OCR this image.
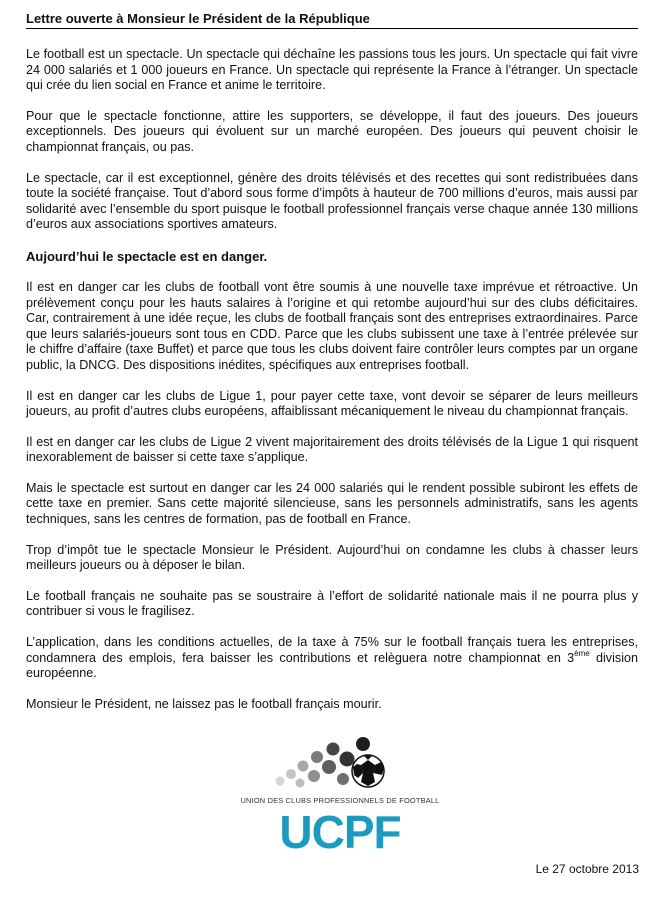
Lettre ouverte à Monsieur le Président de la République

Le football est un spectacle. Un spectacle qui déchaîne les passions tous les jours. Un spectacle qui fait vivre 24 000 salariés et 1 000 joueurs en France. Un spectacle qui représente la France à l’étranger. Un spectacle qui crée du lien social en France et anime le territoire.

Pour que le spectacle fonctionne, attire les supporters, se développe, il faut des joueurs. Des joueurs exceptionnels. Des joueurs qui évoluent sur un marché européen. Des joueurs qui peuvent choisir le championnat français, ou pas.

Le spectacle, car il est exceptionnel, génère des droits télévisés et des recettes qui sont redistribuées dans toute la société française. Tout d’abord sous forme d’impôts à hauteur de 700 millions d’euros, mais aussi par solidarité avec l’ensemble du sport puisque le football professionnel français verse chaque année 130 millions d’euros aux associations sportives amateurs.

Aujourd’hui le spectacle est en danger.

Il est en danger car les clubs de football vont être soumis à une nouvelle taxe imprévue et rétroactive. Un prélèvement conçu pour les hauts salaires à l’origine et qui retombe aujourd’hui sur des clubs déficitaires. Car, contrairement à une idée reçue, les clubs de football français sont des entreprises extraordinaires. Parce que leurs salariés-joueurs sont tous en CDD. Parce que les clubs subissent une taxe à l’entrée prélevée sur le chiffre d’affaire (taxe Buffet) et parce que tous les clubs doivent faire contrôler leurs comptes par un organe public, la DNCG. Des dispositions inédites, spécifiques aux entreprises football.

Il est en danger car les clubs de Ligue 1, pour payer cette taxe, vont devoir se séparer de leurs meilleurs joueurs, au profit d’autres clubs européens, affaiblissant mécaniquement le niveau du championnat français.

Il est en danger car les clubs de Ligue 2 vivent majoritairement des droits télévisés de la Ligue 1 qui risquent inexorablement de baisser si cette taxe s’applique.

Mais le spectacle est surtout en danger car les 24 000 salariés qui le rendent possible subiront les effets de cette taxe en premier. Sans cette majorité silencieuse, sans les personnels administratifs, sans les agents techniques, sans les centres de formation, pas de football en France.

Trop d’impôt tue le spectacle Monsieur le Président. Aujourd’hui on condamne les clubs à chasser leurs meilleurs joueurs ou à déposer le bilan.

Le football français ne souhaite pas se soustraire à l’effort de solidarité nationale mais il ne pourra plus y contribuer si vous le fragilisez.

L’application, dans les conditions actuelles, de la taxe à 75% sur le football français tuera les entreprises, condamnera des emplois, fera baisser les contributions et relèguera notre championnat en 3ème division européenne.

Monsieur le Président, ne laissez pas le football français mourir.

UNION DES CLUBS PROFESSIONNELS DE FOOTBALL
UCPF
Le 27 octobre 2013
